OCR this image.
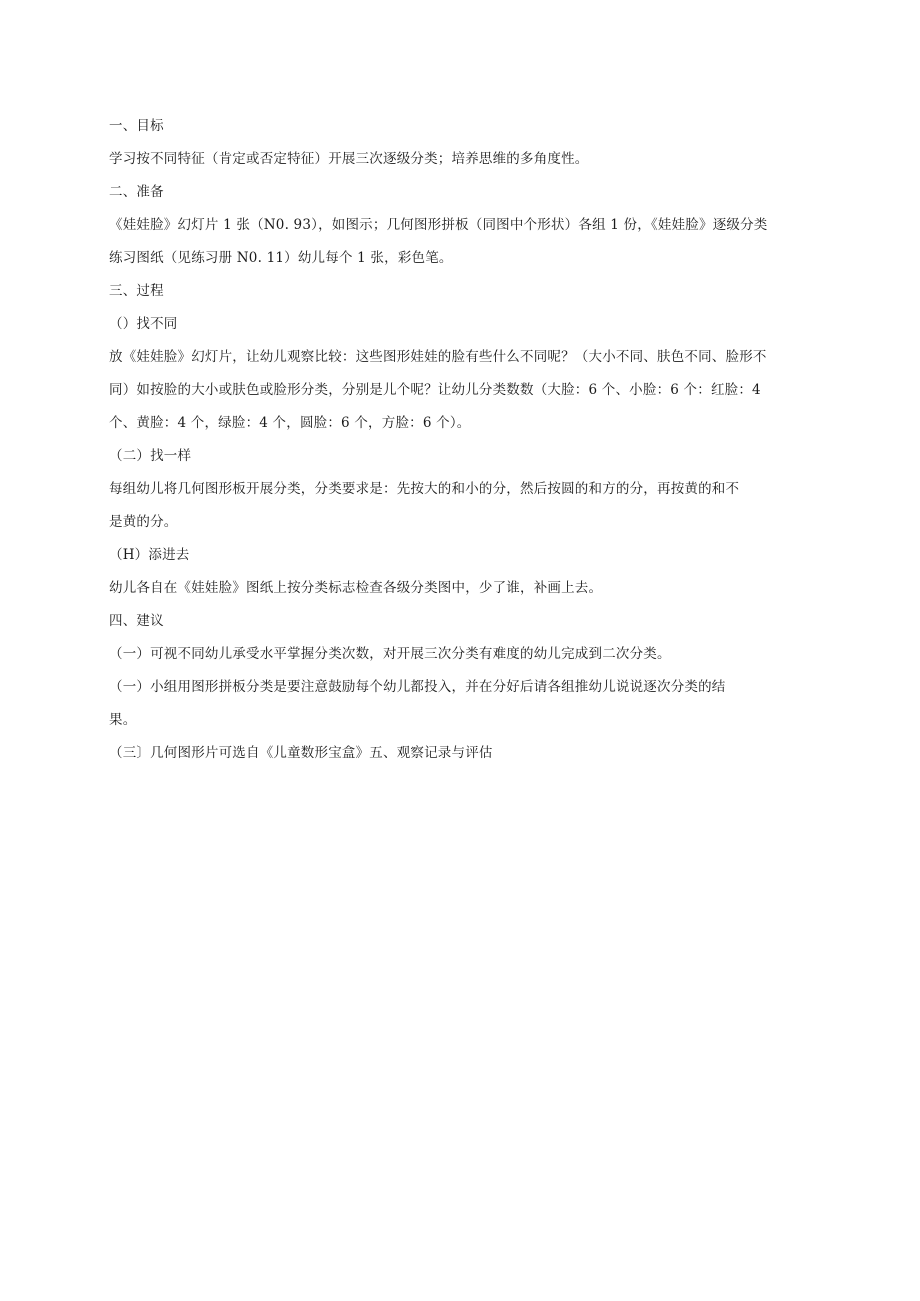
一、目标
学习按不同特征（肯定或否定特征）开展三次逐级分类；培养思维的多角度性。
二、准备
《娃娃脸》幻灯片 1 张（N0. 93），如图示；几何图形拼板（同图中个形状）各组 1 份，《娃娃脸》逐级分类
练习图纸（见练习册 N0. 11）幼儿每个 1 张，彩色笔。
三、过程
（）找不同
放《娃娃脸》幻灯片，让幼儿观察比较：这些图形娃娃的脸有些什么不同呢？（大小不同、肤色不同、脸形不
同）如按脸的大小或肤色或脸形分类，分别是儿个呢？让幼儿分类数数（大脸：6 个、小脸：6 个：红脸：4
个、黄脸：4 个，绿脸：4 个，圆脸：6 个，方脸：6 个）。
（二）找一样
每组幼儿将几何图形板开展分类，分类要求是：先按大的和小的分，然后按圆的和方的分，再按黄的和不
是黄的分。
（H）添进去
幼儿各自在《娃娃脸》图纸上按分类标志检查各级分类图中，少了谁，补画上去。
四、建议
（一）可视不同幼儿承受水平掌握分类次数，对开展三次分类有难度的幼儿完成到二次分类。
（一）小组用图形拼板分类是要注意鼓励每个幼儿都投入，并在分好后请各组推幼儿说说逐次分类的结
果。
（三〕几何图形片可选自《儿童数形宝盒》五、观察记录与评估
